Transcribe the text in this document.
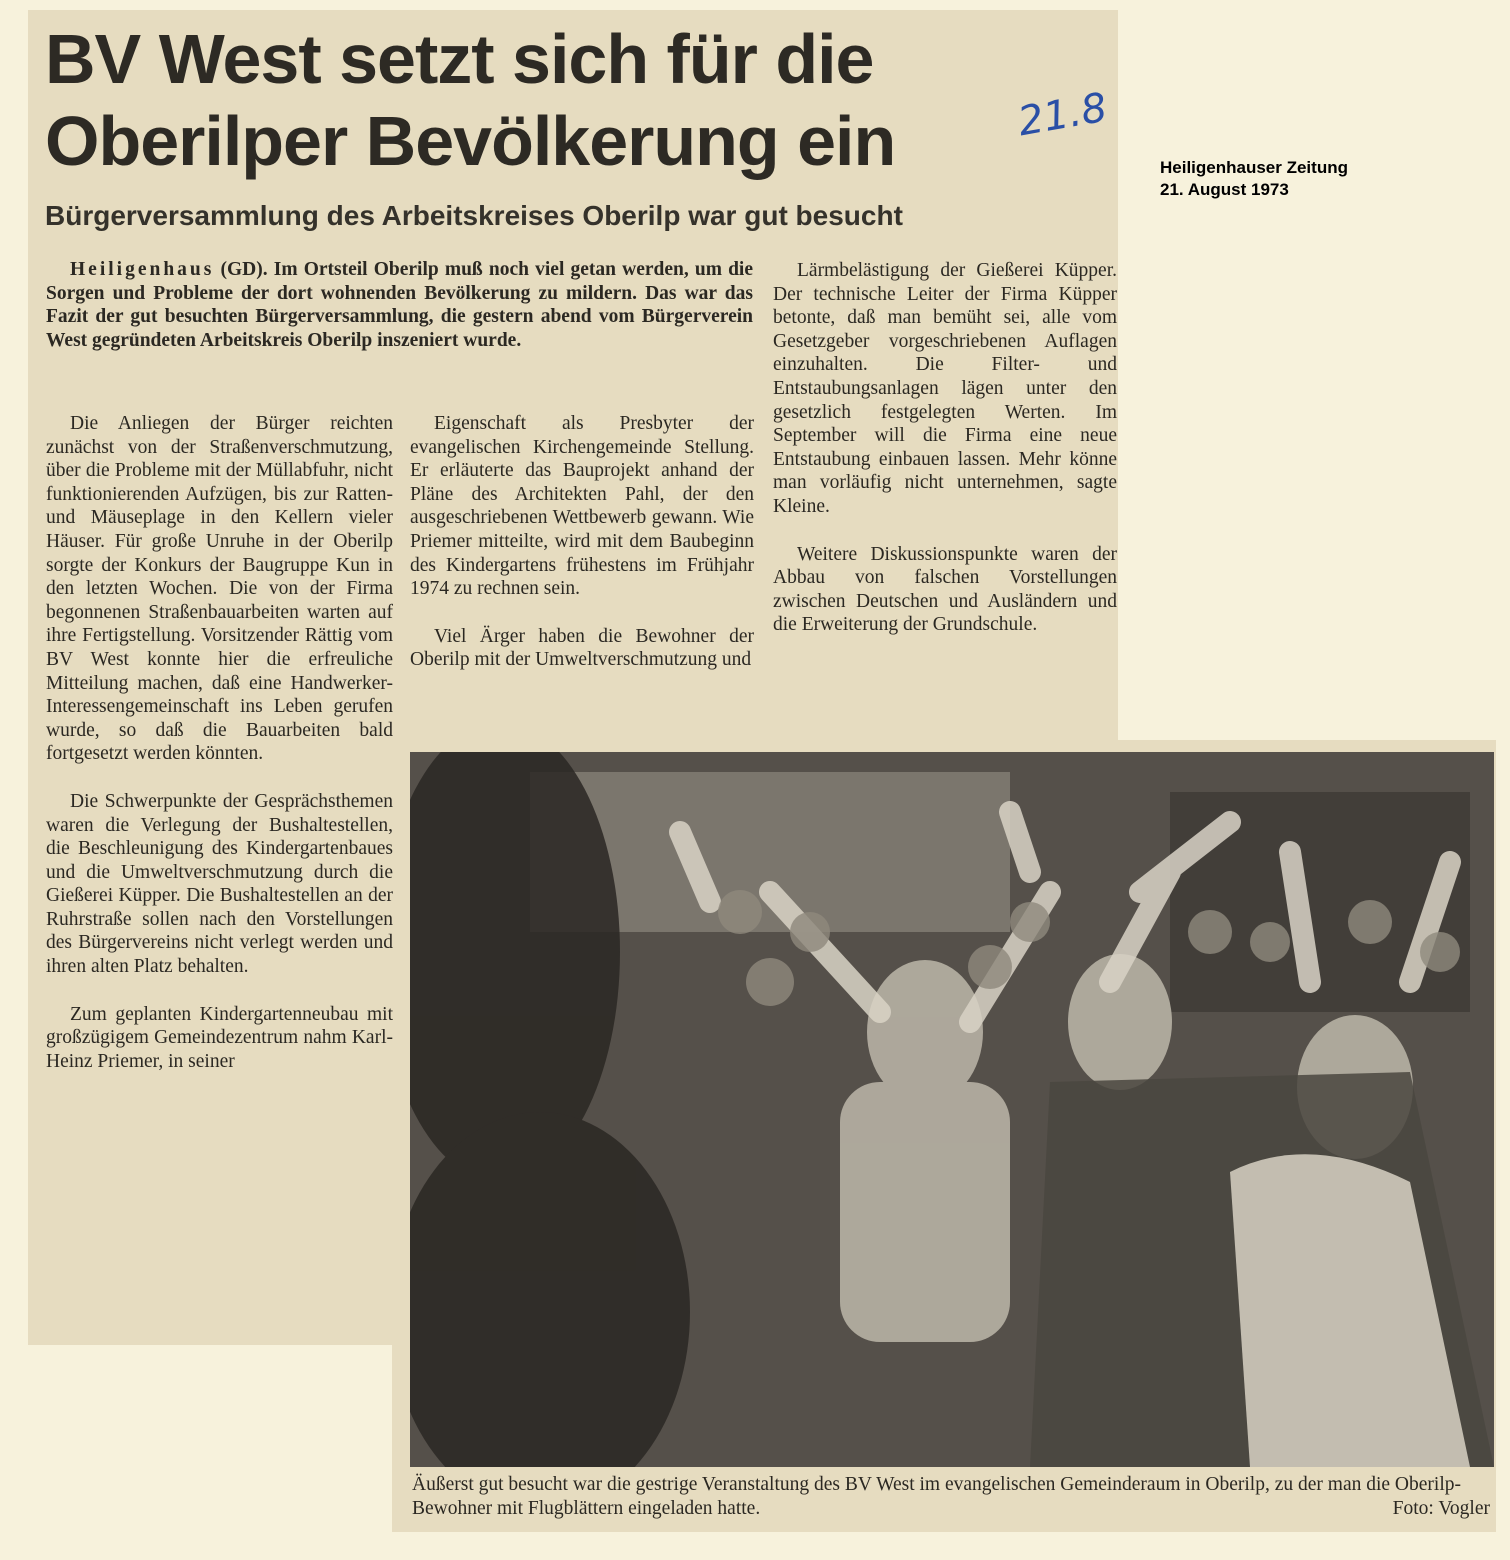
BV West setzt sich für die
Oberilper Bevölkerung ein	21.8
Bürgerversammlung des Arbeitskreises Oberilp war gut besucht
Heiligenhauser Zeitung
21. August 1973

Heiligenhaus (GD). Im Ortsteil Oberilp muß noch viel getan werden, um die Sorgen und Probleme der dort wohnenden Bevölkerung zu mildern. Das war das Fazit der gut besuchten Bürgerversammlung, die gestern abend vom Bürgerverein West gegründeten Arbeitskreis Oberilp inszeniert wurde.

Die Anliegen der Bürger reichten zunächst von der Straßenverschmutzung, über die Probleme mit der Müllabfuhr, nicht funktionierenden Aufzügen, bis zur Ratten- und Mäuseplage in den Kellern vieler Häuser. Für große Unruhe in der Oberilp sorgte der Konkurs der Baugruppe Kun in den letzten Wochen. Die von der Firma begonnenen Straßenbauarbeiten warten auf ihre Fertigstellung. Vorsitzender Rättig vom BV West konnte hier die erfreuliche Mitteilung machen, daß eine Handwerker-Interessengemeinschaft ins Leben gerufen wurde, so daß die Bauarbeiten bald fortgesetzt werden könnten.

Die Schwerpunkte der Gesprächsthemen waren die Verlegung der Bushaltestellen, die Beschleunigung des Kindergartenbaues und die Umweltverschmutzung durch die Gießerei Küpper. Die Bushaltestellen an der Ruhrstraße sollen nach den Vorstellungen des Bürgervereins nicht verlegt werden und ihren alten Platz behalten.

Zum geplanten Kindergartenneubau mit großzügigem Gemeindezentrum nahm Karl-Heinz Priemer, in seiner

Eigenschaft als Presbyter der evangelischen Kirchengemeinde Stellung. Er erläuterte das Bauprojekt anhand der Pläne des Architekten Pahl, der den ausgeschriebenen Wettbewerb gewann. Wie Priemer mitteilte, wird mit dem Baubeginn des Kindergartens frühestens im Frühjahr 1974 zu rechnen sein.

Viel Ärger haben die Bewohner der Oberilp mit der Umweltverschmutzung und

Lärmbelästigung der Gießerei Küpper. Der technische Leiter der Firma Küpper betonte, daß man bemüht sei, alle vom Gesetzgeber vorgeschriebenen Auflagen einzuhalten. Die Filter- und Entstaubungsanlagen lägen unter den gesetzlich festgelegten Werten. Im September will die Firma eine neue Entstaubung einbauen lassen. Mehr könne man vorläufig nicht unternehmen, sagte Kleine.

Weitere Diskussionspunkte waren der Abbau von falschen Vorstellungen zwischen Deutschen und Ausländern und die Erweiterung der Grundschule.

Äußerst gut besucht war die gestrige Veranstaltung des BV West im evangelischen Gemeinderaum in Oberilp, zu der man die Oberilp-Bewohner mit Flugblättern eingeladen hatte.	Foto: Vogler
